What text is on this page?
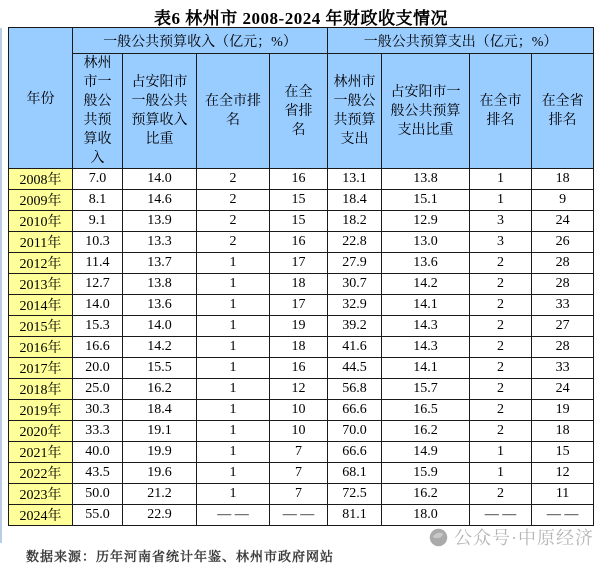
表6 林州市 2008-2024 年财政收支情况
年份	一般公共预算收入（亿元；%）				一般公共预算支出（亿元；%）			
	林州市一般公共预算收入	占安阳市一般公共预算收入比重	在全市排名	在全省排名	林州市一般公共预算支出	占安阳市一般公共预算支出比重	在全市排名	在全省排名
2008年	7.0	14.0	2	16	13.1	13.8	1	18
2009年	8.1	14.6	2	15	18.4	15.1	1	9
2010年	9.1	13.9	2	15	18.2	12.9	3	24
2011年	10.3	13.3	2	16	22.8	13.0	3	26
2012年	11.4	13.7	1	17	27.9	13.6	2	28
2013年	12.7	13.8	1	18	30.7	14.2	2	28
2014年	14.0	13.6	1	17	32.9	14.1	2	33
2015年	15.3	14.0	1	19	39.2	14.3	2	27
2016年	16.6	14.2	1	18	41.6	14.3	2	28
2017年	20.0	15.5	1	16	44.5	14.1	2	33
2018年	25.0	16.2	1	12	56.8	15.7	2	24
2019年	30.3	18.4	1	10	66.6	16.5	2	19
2020年	33.3	19.1	1	10	70.0	16.2	2	18
2021年	40.0	19.9	1	7	66.6	14.9	1	15
2022年	43.5	19.6	1	7	68.1	15.9	1	12
2023年	50.0	21.2	1	7	72.5	16.2	2	11
2024年	55.0	22.9	— —	— —	81.1	18.0	— —	— —
数据来源：历年河南省统计年鉴、林州市政府网站
公众号·中原经济
